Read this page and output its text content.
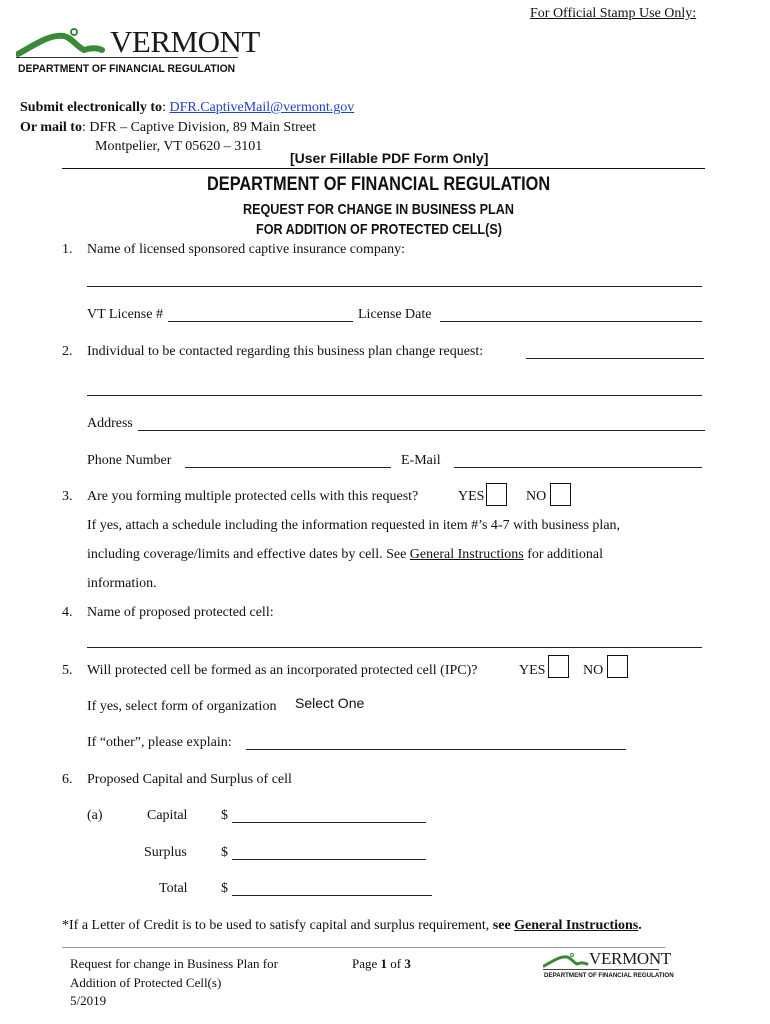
For Official Stamp Use Only:
VERMONT
DEPARTMENT OF FINANCIAL REGULATION
Submit electronically to: DFR.CaptiveMail@vermont.gov
Or mail to: DFR – Captive Division, 89 Main Street
Montpelier, VT 05620 – 3101
[User Fillable PDF Form Only]
DEPARTMENT OF FINANCIAL REGULATION
REQUEST FOR CHANGE IN BUSINESS PLAN
FOR ADDITION OF PROTECTED CELL(S)
1. Name of licensed sponsored captive insurance company:
VT License #	License Date
2. Individual to be contacted regarding this business plan change request:
Address
Phone Number	E-Mail
3. Are you forming multiple protected cells with this request?	YES	NO
If yes, attach a schedule including the information requested in item #’s 4-7 with business plan,
including coverage/limits and effective dates by cell. See General Instructions for additional
information.
4. Name of proposed protected cell:
5. Will protected cell be formed as an incorporated protected cell (IPC)?	YES	NO
If yes, select form of organization Select One
If “other”, please explain:
6. Proposed Capital and Surplus of cell
(a)	Capital $
Surplus $
Total $
*If a Letter of Credit is to be used to satisfy capital and surplus requirement, see General Instructions.
Request for change in Business Plan for
Addition of Protected Cell(s)
5/2019
Page 1 of 3	VERMONT
DEPARTMENT OF FINANCIAL REGULATION
